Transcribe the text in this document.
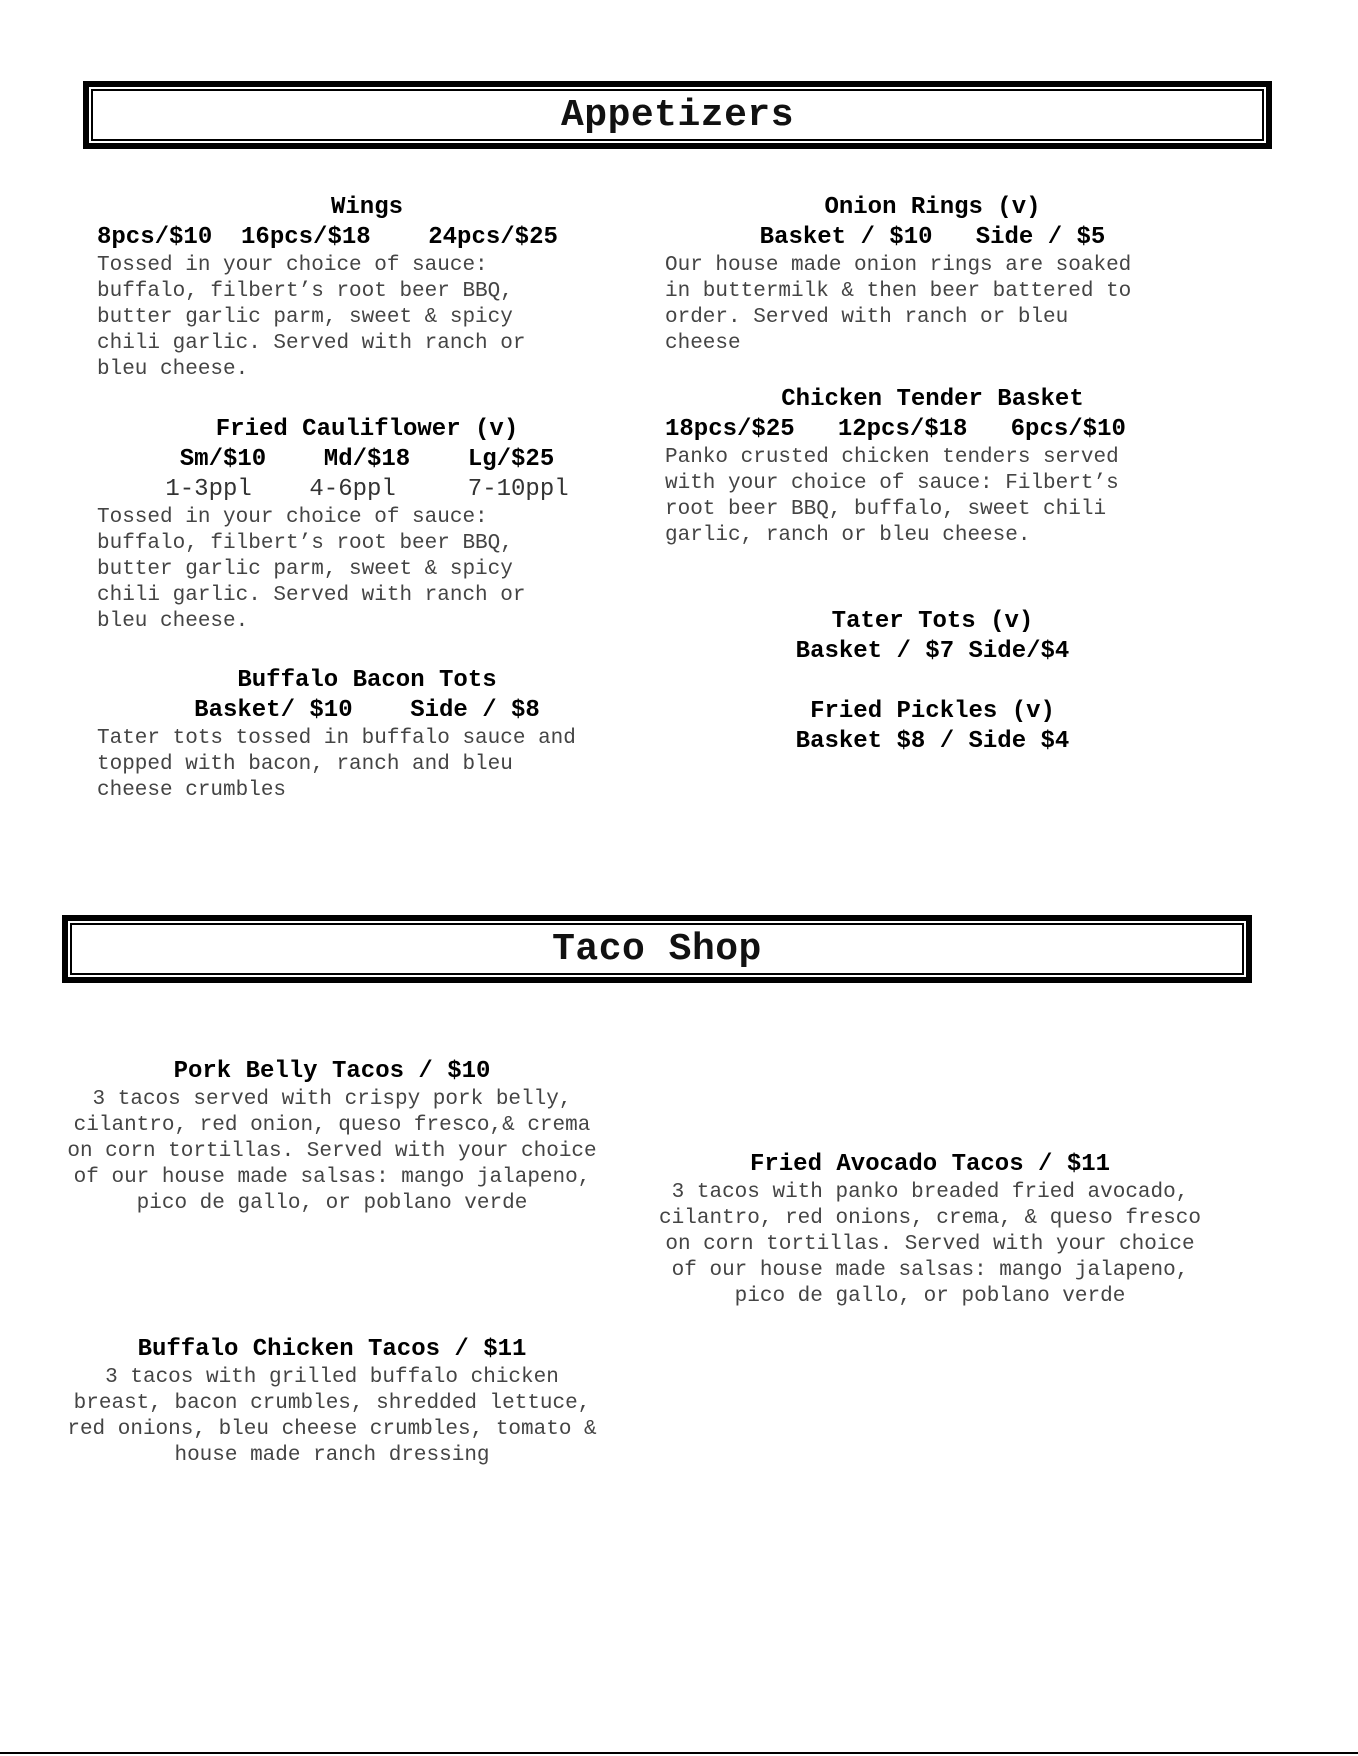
Appetizers
Wings
8pcs/$10  16pcs/$18    24pcs/$25
Tossed in your choice of sauce:
buffalo, filbert’s root beer BBQ,
butter garlic parm, sweet & spicy
chili garlic. Served with ranch or
bleu cheese.
Fried Cauliflower (v)
Sm/$10    Md/$18    Lg/$25
1-3ppl    4-6ppl     7-10ppl
Tossed in your choice of sauce:
buffalo, filbert’s root beer BBQ,
butter garlic parm, sweet & spicy
chili garlic. Served with ranch or
bleu cheese.
Buffalo Bacon Tots
Basket/ $10    Side / $8
Tater tots tossed in buffalo sauce and
topped with bacon, ranch and bleu
cheese crumbles
Onion Rings (v)
Basket / $10   Side / $5
Our house made onion rings are soaked
in buttermilk & then beer battered to
order. Served with ranch or bleu
cheese
Chicken Tender Basket
18pcs/$25   12pcs/$18   6pcs/$10
Panko crusted chicken tenders served
with your choice of sauce: Filbert’s
root beer BBQ, buffalo, sweet chili
garlic, ranch or bleu cheese.
Tater Tots (v)
Basket / $7 Side/$4
Fried Pickles (v)
Basket $8 / Side $4
Taco Shop
Pork Belly Tacos / $10
3 tacos served with crispy pork belly,
cilantro, red onion, queso fresco,& crema
on corn tortillas. Served with your choice
of our house made salsas: mango jalapeno,
pico de gallo, or poblano verde
Fried Avocado Tacos / $11
3 tacos with panko breaded fried avocado,
cilantro, red onions, crema, & queso fresco
on corn tortillas. Served with your choice
of our house made salsas: mango jalapeno,
pico de gallo, or poblano verde
Buffalo Chicken Tacos / $11
3 tacos with grilled buffalo chicken
breast, bacon crumbles, shredded lettuce,
red onions, bleu cheese crumbles, tomato &
house made ranch dressing
